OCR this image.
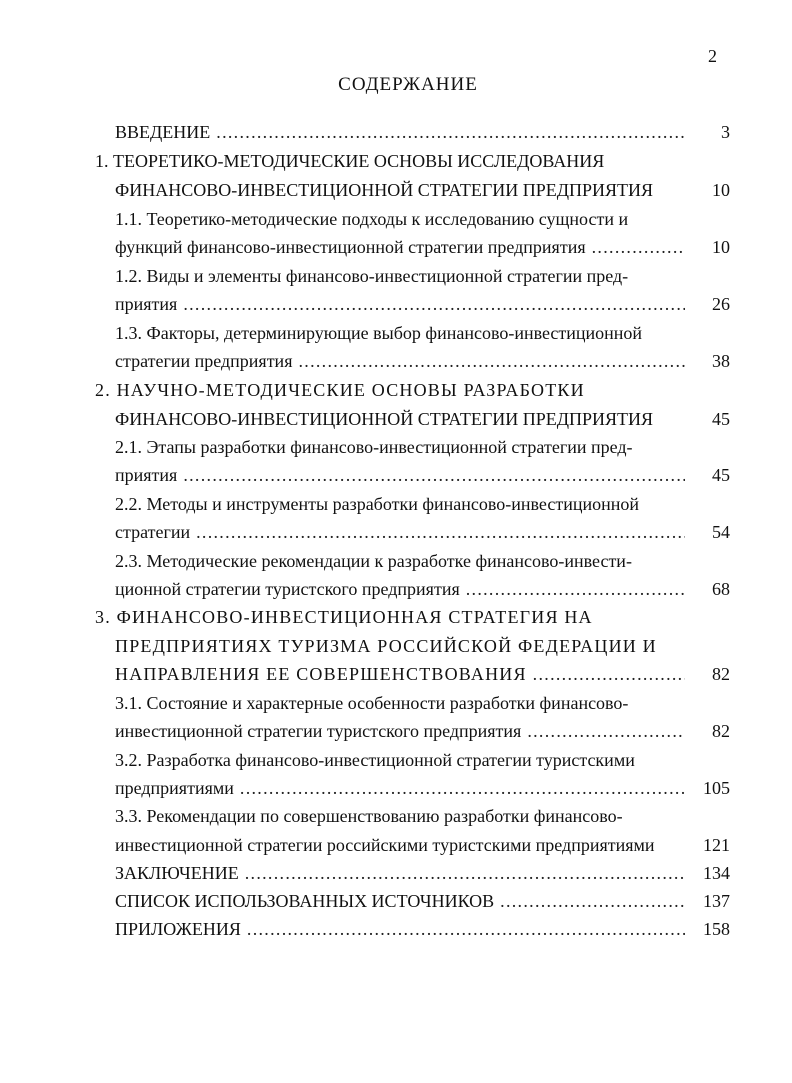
2
СОДЕРЖАНИЕ
ВВЕДЕНИЕ . . .	3
1. ТЕОРЕТИКО-МЕТОДИЧЕСКИЕ ОСНОВЫ ИССЛЕДОВАНИЯ
ФИНАНСОВО-ИНВЕСТИЦИОННОЙ СТРАТЕГИИ ПРЕДПРИЯТИЯ	10
1.1. Теоретико-методические подходы к исследованию сущности и
функций финансово-инвестиционной стратегии предприятия . . .	10
1.2. Виды и элементы финансово-инвестиционной стратегии пред-
приятия . . .	26
1.3. Факторы, детерминирующие выбор финансово-инвестиционной
стратегии предприятия . . .	38
2. НАУЧНО-МЕТОДИЧЕСКИЕ ОСНОВЫ РАЗРАБОТКИ
ФИНАНСОВО-ИНВЕСТИЦИОННОЙ СТРАТЕГИИ ПРЕДПРИЯТИЯ	45
2.1. Этапы разработки финансово-инвестиционной стратегии пред-
приятия . . .	45
2.2. Методы и инструменты разработки финансово-инвестиционной
стратегии . . .	54
2.3. Методические рекомендации к разработке финансово-инвести-
ционной стратегии туристского предприятия . . .	68
3. ФИНАНСОВО-ИНВЕСТИЦИОННАЯ СТРАТЕГИЯ НА
ПРЕДПРИЯТИЯХ ТУРИЗМА РОССИЙСКОЙ ФЕДЕРАЦИИ И
НАПРАВЛЕНИЯ ЕЕ СОВЕРШЕНСТВОВАНИЯ . . .	82
3.1. Состояние и характерные особенности разработки финансово-
инвестиционной стратегии туристского предприятия . . .	82
3.2. Разработка финансово-инвестиционной стратегии туристскими
предприятиями . . .	105
3.3. Рекомендации по совершенствованию разработки финансово-
инвестиционной стратегии российскими туристскими предприятиями	121
ЗАКЛЮЧЕНИЕ . . .	134
СПИСОК ИСПОЛЬЗОВАННЫХ ИСТОЧНИКОВ . . .	137
ПРИЛОЖЕНИЯ . . .	158
